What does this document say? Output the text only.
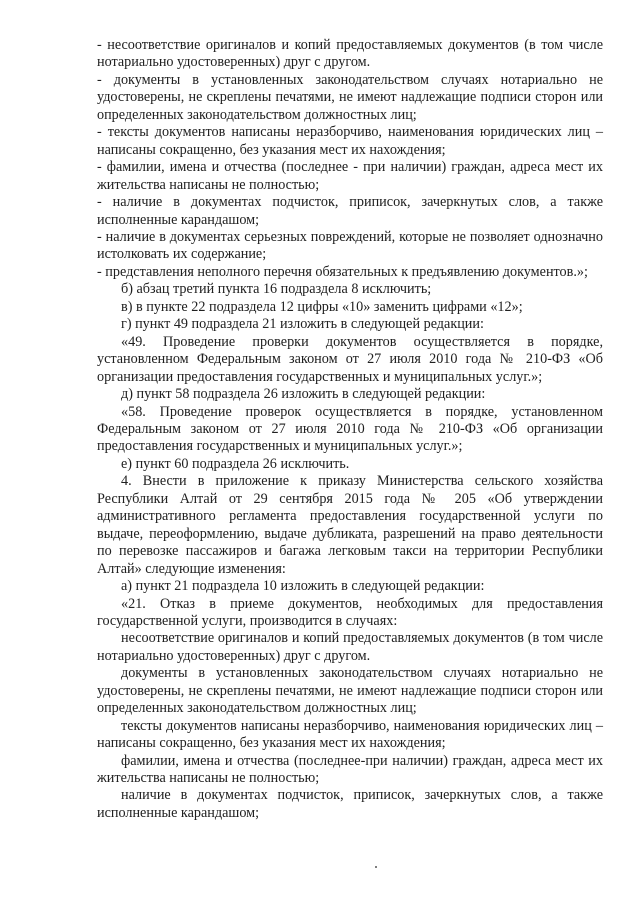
- несоответствие оригиналов и копий предоставляемых документов (в том числе нотариально удостоверенных) друг с другом.

- документы в установленных законодательством случаях нотариально не удостоверены, не скреплены печатями, не имеют надлежащие подписи сторон или определенных законодательством должностных лиц;

- тексты документов написаны неразборчиво, наименования юридических лиц – написаны сокращенно, без указания мест их нахождения;

- фамилии, имена и отчества (последнее - при наличии) граждан, адреса мест их жительства написаны не полностью;

- наличие в документах подчисток, приписок, зачеркнутых слов, а также исполненные карандашом;

- наличие в документах серьезных повреждений, которые не позволяет однозначно истолковать их содержание;

- представления неполного перечня обязательных к предъявлению документов.»;

б) абзац третий пункта 16 подраздела 8 исключить;

в) в пункте 22 подраздела 12 цифры «10» заменить цифрами «12»;

г) пункт 49 подраздела 21 изложить в следующей редакции:

«49. Проведение проверки документов осуществляется в порядке, установленном Федеральным законом от 27 июля 2010 года № 210-ФЗ «Об организации предоставления государственных и муниципальных услуг.»;

д) пункт 58 подраздела 26 изложить в следующей редакции:

«58. Проведение проверок осуществляется в порядке, установленном Федеральным законом от 27 июля 2010 года № 210-ФЗ «Об организации предоставления государственных и муниципальных услуг.»;

е) пункт 60 подраздела 26 исключить.

4. Внести в приложение к приказу Министерства сельского хозяйства Республики Алтай от 29 сентября 2015 года № 205 «Об утверждении административного регламента предоставления государственной услуги по выдаче, переоформлению, выдаче дубликата, разрешений на право деятельности по перевозке пассажиров и багажа легковым такси на территории Республики Алтай» следующие изменения:

а) пункт 21 подраздела 10 изложить в следующей редакции:

«21. Отказ в приеме документов, необходимых для предоставления государственной услуги, производится в случаях:

несоответствие оригиналов и копий предоставляемых документов (в том числе нотариально удостоверенных) друг с другом.

документы в установленных законодательством случаях нотариально не удостоверены, не скреплены печатями, не имеют надлежащие подписи сторон или определенных законодательством должностных лиц;

тексты документов написаны неразборчиво, наименования юридических лиц – написаны сокращенно, без указания мест их нахождения;

фамилии, имена и отчества (последнее-при наличии) граждан, адреса мест их жительства написаны не полностью;

наличие в документах подчисток, приписок, зачеркнутых слов, а также исполненные карандашом;
